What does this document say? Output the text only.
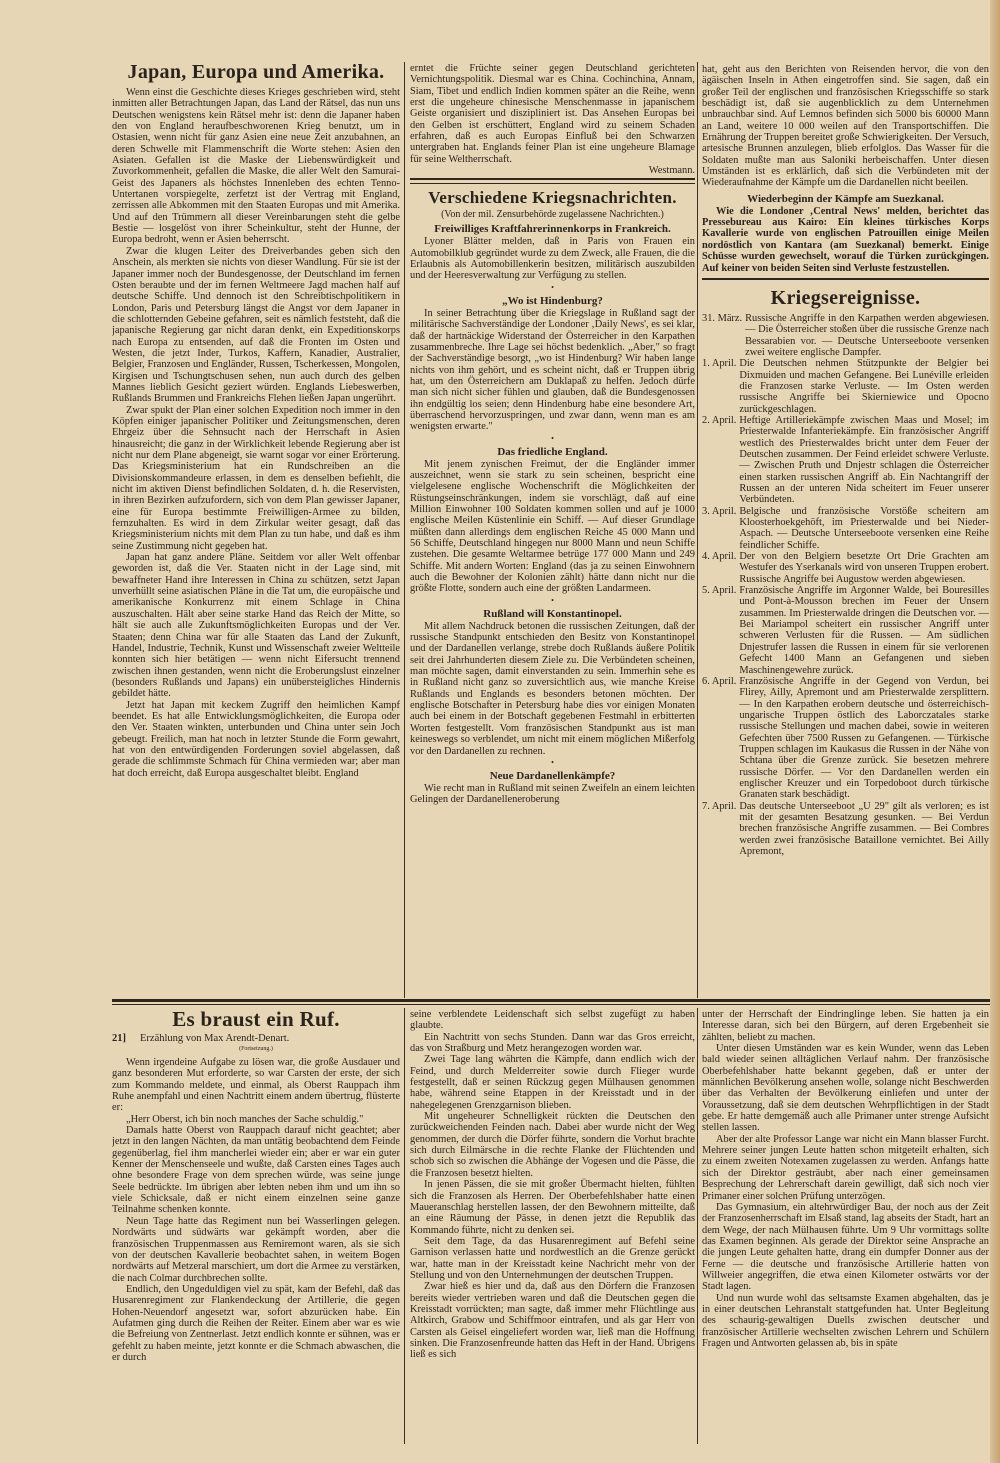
Japan, Europa und Amerika.

Wenn einst die Geschichte dieses Krieges geschrieben wird, steht inmitten aller Betrachtungen Japan, das Land der Rätsel, das nun uns Deutschen wenigstens kein Rätsel mehr ist: denn die Japaner haben den von England heraufbeschworenen Krieg benutzt, um in Ostasien, wenn nicht für ganz Asien eine neue Zeit anzubahnen, an deren Schwelle mit Flammenschrift die Worte stehen: Asien den Asiaten. Gefallen ist die Maske der Liebenswürdigkeit und Zuvorkommenheit, gefallen die Maske, die aller Welt den Samurai-Geist des Japaners als höchstes Innenleben des echten Tenno-Untertanen vorspiegelte, zerfetzt ist der Vertrag mit England, zerrissen alle Abkommen mit den Staaten Europas und mit Amerika. Und auf den Trümmern all dieser Vereinbarungen steht die gelbe Bestie — losgelöst von ihrer Scheinkultur, steht der Hunne, der Europa bedroht, wenn er Asien beherrscht.

Zwar die klugen Leiter des Dreiverbandes geben sich den Anschein, als merkten sie nichts von dieser Wandlung. Für sie ist der Japaner immer noch der Bundesgenosse, der Deutschland im fernen Osten beraubte und der im fernen Weltmeere Jagd machen half auf deutsche Schiffe. Und dennoch ist den Schreibtischpolitikern in London, Paris und Petersburg längst die Angst vor dem Japaner in die schlotternden Gebeine gefahren, seit es nämlich feststeht, daß die japanische Regierung gar nicht daran denkt, ein Expeditionskorps nach Europa zu entsenden, auf daß die Fronten im Osten und Westen, die jetzt Inder, Turkos, Kaffern, Kanadier, Australier, Belgier, Franzosen und Engländer, Russen, Tscherkessen, Mongolen, Kirgisen und Tschungtschusen sehen, nun auch durch des gelben Mannes lieblich Gesicht geziert würden. Englands Liebeswerben, Rußlands Brummen und Frankreichs Flehen ließen Japan ungerührt.

Zwar spukt der Plan einer solchen Expedition noch immer in den Köpfen einiger japanischer Politiker und Zeitungsmenschen, deren Ehrgeiz über die Sehnsucht nach der Herrschaft in Asien hinausreicht; die ganz in der Wirklichkeit lebende Regierung aber ist nicht nur dem Plane abgeneigt, sie warnt sogar vor einer Erörterung. Das Kriegsministerium hat ein Rundschreiben an die Divisionskommandeure erlassen, in dem es denselben befiehlt, die nicht im aktiven Dienst befindlichen Soldaten, d. h. die Reservisten, in ihren Bezirken aufzufordern, sich von dem Plan gewisser Japaner, eine für Europa bestimmte Freiwilligen-Armee zu bilden, fernzuhalten. Es wird in dem Zirkular weiter gesagt, daß das Kriegsministerium nichts mit dem Plan zu tun habe, und daß es ihm seine Zustimmung nicht gegeben hat.

Japan hat ganz andere Pläne. Seitdem vor aller Welt offenbar geworden ist, daß die Ver. Staaten nicht in der Lage sind, mit bewaffneter Hand ihre Interessen in China zu schützen, setzt Japan unverhüllt seine asiatischen Pläne in die Tat um, die europäische und amerikanische Konkurrenz mit einem Schlage in China auszuschalten. Hält aber seine starke Hand das Reich der Mitte, so hält sie auch alle Zukunftsmöglichkeiten Europas und der Ver. Staaten; denn China war für alle Staaten das Land der Zukunft, Handel, Industrie, Technik, Kunst und Wissenschaft zweier Weltteile konnten sich hier betätigen — wenn nicht Eifersucht trennend zwischen ihnen gestanden, wenn nicht die Eroberungslust einzelner (besonders Rußlands und Japans) ein unübersteigliches Hindernis gebildet hätte.

Jetzt hat Japan mit keckem Zugriff den heimlichen Kampf beendet. Es hat alle Entwicklungsmöglichkeiten, die Europa oder den Ver. Staaten winkten, unterbunden und China unter sein Joch gebeugt. Freilich, man hat noch in letzter Stunde die Form gewahrt, hat von den entwürdigenden Forderungen soviel abgelassen, daß gerade die schlimmste Schmach für China vermieden war; aber man hat doch erreicht, daß Europa ausgeschaltet bleibt. England

erntet die Früchte seiner gegen Deutschland gerichteten Vernichtungspolitik. Diesmal war es China. Cochinchina, Annam, Siam, Tibet und endlich Indien kommen später an die Reihe, wenn erst die ungeheure chinesische Menschenmasse in japanischem Geiste organisiert und diszipliniert ist. Das Ansehen Europas bei den Gelben ist erschüttert, England wird zu seinem Schaden erfahren, daß es auch Europas Einfluß bei den Schwarzen untergraben hat. Englands feiner Plan ist eine ungeheure Blamage für seine Weltherrschaft.

Westmann.
Verschiedene Kriegsnachrichten.
(Von der mil. Zensurbehörde zugelassene Nachrichten.)
Freiwilliges Kraftfahrerinnenkorps in Frankreich.

Lyoner Blätter melden, daß in Paris von Frauen ein Automobilklub gegründet wurde zu dem Zweck, alle Frauen, die die Erlaubnis als Automobillenkerin besitzen, militärisch auszubilden und der Heeresverwaltung zur Verfügung zu stellen.

•
„Wo ist Hindenburg?

In seiner Betrachtung über die Kriegslage in Rußland sagt der militärische Sachverständige der Londoner ‚Daily News', es sei klar, daß der hartnäckige Widerstand der Österreicher in den Karpathen zusammenbreche. Ihre Lage sei höchst bedenklich. „Aber," so fragt der Sachverständige besorgt, „wo ist Hindenburg? Wir haben lange nichts von ihm gehört, und es scheint nicht, daß er Truppen übrig hat, um den Österreichern am Duklapaß zu helfen. Jedoch dürfe man sich nicht sicher fühlen und glauben, daß die Bundesgenossen ihn endgültig los seien; denn Hindenburg habe eine besondere Art, überraschend hervorzuspringen, und zwar dann, wenn man es am wenigsten erwarte."

•
Das friedliche England.

Mit jenem zynischen Freimut, der die Engländer immer auszeichnet, wenn sie stark zu sein scheinen, bespricht eine vielgelesene englische Wochenschrift die Möglichkeiten der Rüstungseinschränkungen, indem sie vorschlägt, daß auf eine Million Einwohner 100 Soldaten kommen sollen und auf je 1000 englische Meilen Küstenlinie ein Schiff. — Auf dieser Grundlage müßten dann allerdings dem englischen Reiche 45 000 Mann und 56 Schiffe, Deutschland hingegen nur 8000 Mann und neun Schiffe zustehen. Die gesamte Weltarmee betrüge 177 000 Mann und 249 Schiffe. Mit andern Worten: England (das ja zu seinen Einwohnern auch die Bewohner der Kolonien zählt) hätte dann nicht nur die größte Flotte, sondern auch eine der größten Landarmeen.

•
Rußland will Konstantinopel.

Mit allem Nachdruck betonen die russischen Zeitungen, daß der russische Standpunkt entschieden den Besitz von Konstantinopel und der Dardanellen verlange, strebe doch Rußlands äußere Politik seit drei Jahrhunderten diesem Ziele zu. Die Verbündeten scheinen, man möchte sagen, damit einverstanden zu sein. Immerhin sehe es in Rußland nicht ganz so zuversichtlich aus, wie manche Kreise Rußlands und Englands es besonders betonen möchten. Der englische Botschafter in Petersburg habe dies vor einigen Monaten auch bei einem in der Botschaft gegebenen Festmahl in erbitterten Worten festgestellt. Vom französischen Standpunkt aus ist man keineswegs so verblendet, um nicht mit einem möglichen Mißerfolg vor den Dardanellen zu rechnen.

•
Neue Dardanellenkämpfe?

Wie recht man in Rußland mit seinen Zweifeln an einem leichten Gelingen der Dardanelleneroberung

hat, geht aus den Berichten von Reisenden hervor, die von den ägäischen Inseln in Athen eingetroffen sind. Sie sagen, daß ein großer Teil der englischen und französischen Kriegsschiffe so stark beschädigt ist, daß sie augenblicklich zu dem Unternehmen unbrauchbar sind. Auf Lemnos befinden sich 5000 bis 60000 Mann an Land, weitere 10 000 weilen auf den Transportschiffen. Die Ernährung der Truppen bereitet große Schwierigkeiten. Der Versuch, artesische Brunnen anzulegen, blieb erfolglos. Das Wasser für die Soldaten mußte man aus Saloniki herbeischaffen. Unter diesen Umständen ist es erklärlich, daß sich die Verbündeten mit der Wiederaufnahme der Kämpfe um die Dardanellen nicht beeilen.

Wiederbeginn der Kämpfe am Suezkanal.

Wie die Londoner ‚Central News' melden, berichtet das Pressebureau aus Kairo: Ein kleines türkisches Korps Kavallerie wurde von englischen Patrouillen einige Meilen nordöstlich von Kantara (am Suezkanal) bemerkt. Einige Schüsse wurden gewechselt, worauf die Türken zurückgingen. Auf keiner von beiden Seiten sind Verluste festzustellen.

Kriegsereignisse.
31. März. Russische Angriffe in den Karpathen werden abgewiesen. — Die Österreicher stoßen über die russische Grenze nach Bessarabien vor. — Deutsche Unterseeboote versenken zwei weitere englische Dampfer.
1. April. Die Deutschen nehmen Stützpunkte der Belgier bei Dixmuiden und machen Gefangene. Bei Lunéville erleiden die Franzosen starke Verluste. — Im Osten werden russische Angriffe bei Skierniewice und Opocno zurückgeschlagen.
2. April. Heftige Artilleriekämpfe zwischen Maas und Mosel; im Priesterwalde Infanteriekämpfe. Ein französischer Angriff westlich des Priesterwaldes bricht unter dem Feuer der Deutschen zusammen. Der Feind erleidet schwere Verluste. — Zwischen Pruth und Dnjestr schlagen die Österreicher einen starken russischen Angriff ab. Ein Nachtangriff der Russen an der unteren Nida scheitert im Feuer unserer Verbündeten.
3. April. Belgische und französische Vorstöße scheitern am Kloosterhoekgehöft, im Priesterwalde und bei Nieder-Aspach. — Deutsche Unterseeboote versenken eine Reihe feindlicher Schiffe.
4. April. Der von den Belgiern besetzte Ort Drie Grachten am Westufer des Yserkanals wird von unseren Truppen erobert. Russische Angriffe bei Augustow werden abgewiesen.
5. April. Französische Angriffe im Argonner Walde, bei Bouresilles und Pont-à-Mousson brechen im Feuer der Unsern zusammen. Im Priesterwalde dringen die Deutschen vor. — Bei Mariampol scheitert ein russischer Angriff unter schweren Verlusten für die Russen. — Am südlichen Dnjestrufer lassen die Russen in einem für sie verlorenen Gefecht 1400 Mann an Gefangenen und sieben Maschinengewehre zurück.
6. April. Französische Angriffe in der Gegend von Verdun, bei Flirey, Ailly, Apremont und am Priesterwalde zersplittern. — In den Karpathen erobern deutsche und österreichisch-ungarische Truppen östlich des Laborczatales starke russische Stellungen und machen dabei, sowie in weiteren Gefechten über 7500 Russen zu Gefangenen. — Türkische Truppen schlagen im Kaukasus die Russen in der Nähe von Schtana über die Grenze zurück. Sie besetzen mehrere russische Dörfer. — Vor den Dardanellen werden ein englischer Kreuzer und ein Torpedoboot durch türkische Granaten stark beschädigt.
7. April. Das deutsche Unterseeboot „U 29" gilt als verloren; es ist mit der gesamten Besatzung gesunken. — Bei Verdun brechen französische Angriffe zusammen. — Bei Combres werden zwei französische Bataillone vernichtet. Bei Ailly Apremont,
Es braust ein Ruf.
21] Erzählung von Max Arendt-Denart.
(Fortsetzung.)

Wenn irgendeine Aufgabe zu lösen war, die große Ausdauer und ganz besonderen Mut erforderte, so war Carsten der erste, der sich zum Kommando meldete, und einmal, als Oberst Rauppach ihm Ruhe anempfahl und einen Nachtritt einem andern übertrug, flüsterte er:

„Herr Oberst, ich bin noch manches der Sache schuldig."

Damals hatte Oberst von Rauppach darauf nicht geachtet; aber jetzt in den langen Nächten, da man untätig beobachtend dem Feinde gegenüberlag, fiel ihm mancherlei wieder ein; aber er war ein guter Kenner der Menschenseele und wußte, daß Carsten eines Tages auch ohne besondere Frage von dem sprechen würde, was seine junge Seele bedrückte. Im übrigen aber lebten neben ihm und um ihn so viele Schicksale, daß er nicht einem einzelnen seine ganze Teilnahme schenken konnte.

Neun Tage hatte das Regiment nun bei Wasserlingen gelegen. Nordwärts und südwärts war gekämpft worden, aber die französischen Truppenmassen aus Remiremont waren, als sie sich von der deutschen Kavallerie beobachtet sahen, in weitem Bogen nordwärts auf Metzeral marschiert, um dort die Armee zu verstärken, die nach Colmar durchbrechen sollte.

Endlich, den Ungeduldigen viel zu spät, kam der Befehl, daß das Husarenregiment zur Flankendeckung der Artillerie, die gegen Hohen-Neuendorf angesetzt war, sofort abzurücken habe. Ein Aufatmen ging durch die Reihen der Reiter. Einem aber war es wie die Befreiung von Zentnerlast. Jetzt endlich konnte er sühnen, was er gefehlt zu haben meinte, jetzt konnte er die Schmach abwaschen, die er durch

seine verblendete Leidenschaft sich selbst zugefügt zu haben glaubte.

Ein Nachtritt von sechs Stunden. Dann war das Gros erreicht, das von Straßburg und Metz herangezogen worden war.

Zwei Tage lang währten die Kämpfe, dann endlich wich der Feind, und durch Melderreiter sowie durch Flieger wurde festgestellt, daß er seinen Rückzug gegen Mülhausen genommen habe, während seine Etappen in der Kreisstadt und in der nahegelegenen Grenzgarnison blieben.

Mit ungeheurer Schnelligkeit rückten die Deutschen den zurückweichenden Feinden nach. Dabei aber wurde nicht der Weg genommen, der durch die Dörfer führte, sondern die Vorhut brachte sich durch Eilmärsche in die rechte Flanke der Flüchtenden und schob sich so zwischen die Abhänge der Vogesen und die Pässe, die die Franzosen besetzt hielten.

In jenen Pässen, die sie mit großer Übermacht hielten, fühlten sich die Franzosen als Herren. Der Oberbefehlshaber hatte einen Maueranschlag herstellen lassen, der den Bewohnern mitteilte, daß an eine Räumung der Pässe, in denen jetzt die Republik das Kommando führte, nicht zu denken sei.

Seit dem Tage, da das Husarenregiment auf Befehl seine Garnison verlassen hatte und nordwestlich an die Grenze gerückt war, hatte man in der Kreisstadt keine Nachricht mehr von der Stellung und von den Unternehmungen der deutschen Truppen.

Zwar hieß es hier und da, daß aus den Dörfern die Franzosen bereits wieder vertrieben waren und daß die Deutschen gegen die Kreisstadt vorrückten; man sagte, daß immer mehr Flüchtlinge aus Altkirch, Grabow und Schiffmoor eintrafen, und als gar Herr von Carsten als Geisel eingeliefert worden war, ließ man die Hoffnung sinken. Die Franzosenfreunde hatten das Heft in der Hand. Übrigens ließ es sich

unter der Herrschaft der Eindringlinge leben. Sie hatten ja ein Interesse daran, sich bei den Bürgern, auf deren Ergebenheit sie zählten, beliebt zu machen.

Unter diesen Umständen war es kein Wunder, wenn das Leben bald wieder seinen alltäglichen Verlauf nahm. Der französische Oberbefehlshaber hatte bekannt gegeben, daß er unter der männlichen Bevölkerung ansehen wolle, solange nicht Beschwerden über das Verhalten der Bevölkerung einliefen und unter der Voraussetzung, daß sie dem deutschen Wehrpflichtigen in der Stadt gebe. Er hatte demgemäß auch alle Primaner unter strenge Aufsicht stellen lassen.

Aber der alte Professor Lange war nicht ein Mann blasser Furcht. Mehrere seiner jungen Leute hatten schon mitgeteilt erhalten, sich zu einem zweiten Notexamen zugelassen zu werden. Anfangs hatte sich der Direktor gesträubt, aber nach einer gemeinsamen Besprechung der Lehrerschaft darein gewilligt, daß sich noch vier Primaner einer solchen Prüfung unterzögen.

Das Gymnasium, ein altehrwürdiger Bau, der noch aus der Zeit der Franzosenherrschaft im Elsaß stand, lag abseits der Stadt, hart an dem Wege, der nach Mülhausen führte. Um 9 Uhr vormittags sollte das Examen beginnen. Als gerade der Direktor seine Ansprache an die jungen Leute gehalten hatte, drang ein dumpfer Donner aus der Ferne — die deutsche und französische Artillerie hatten von Willweier angegriffen, die etwa einen Kilometer ostwärts vor der Stadt lagen.

Und nun wurde wohl das seltsamste Examen abgehalten, das je in einer deutschen Lehranstalt stattgefunden hat. Unter Begleitung des schaurig-gewaltigen Duells zwischen deutscher und französischer Artillerie wechselten zwischen Lehrern und Schülern Fragen und Antworten gelassen ab, bis in späte
